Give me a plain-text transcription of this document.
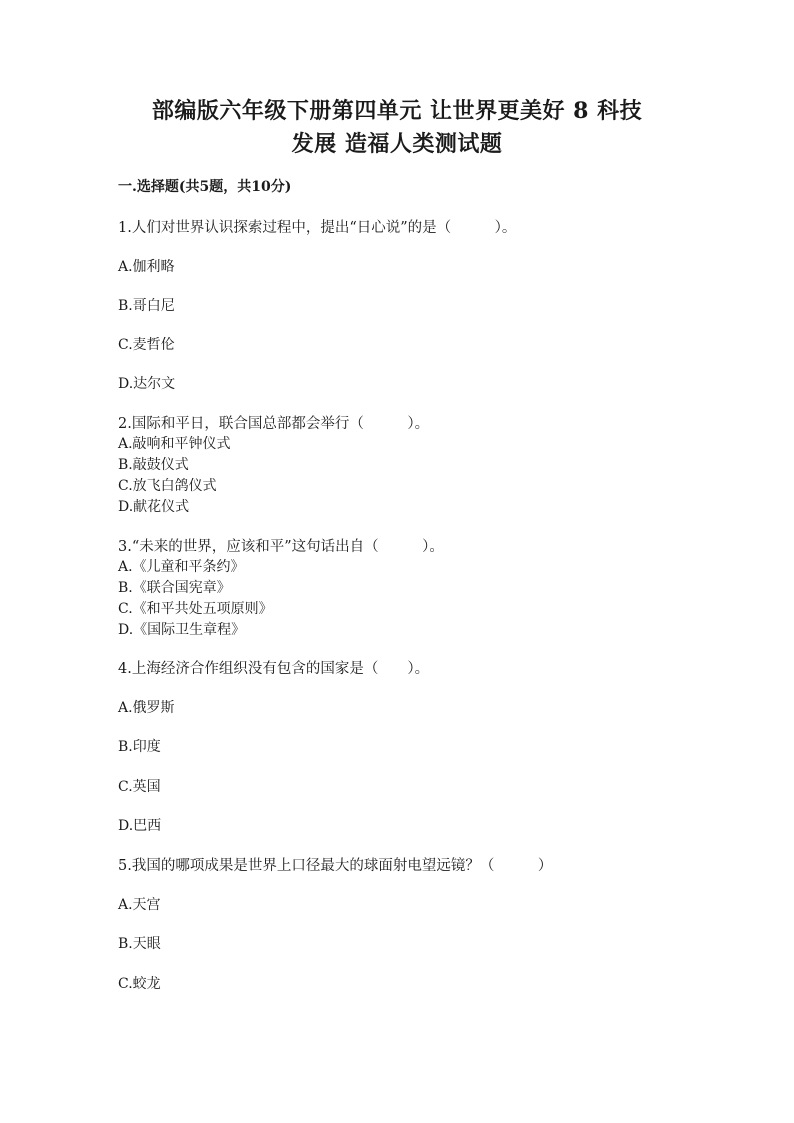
部编版六年级下册第四单元 让世界更美好 8 科技
发展 造福人类测试题
一.选择题(共5题，共10分)
1.人们对世界认识探索过程中，提出“日心说”的是（　　　）。
A.伽利略
B.哥白尼
C.麦哲伦
D.达尔文
2.国际和平日，联合国总部都会举行（　　　）。
A.敲响和平钟仪式
B.敲鼓仪式
C.放飞白鸽仪式
D.献花仪式
3.“未来的世界，应该和平”这句话出自（　　　）。
A.《儿童和平条约》
B.《联合国宪章》
C.《和平共处五项原则》
D.《国际卫生章程》
4.上海经济合作组织没有包含的国家是（　　）。
A.俄罗斯
B.印度
C.英国
D.巴西
5.我国的哪项成果是世界上口径最大的球面射电望远镜？（　　　）
A.天宫
B.天眼
C.蛟龙
